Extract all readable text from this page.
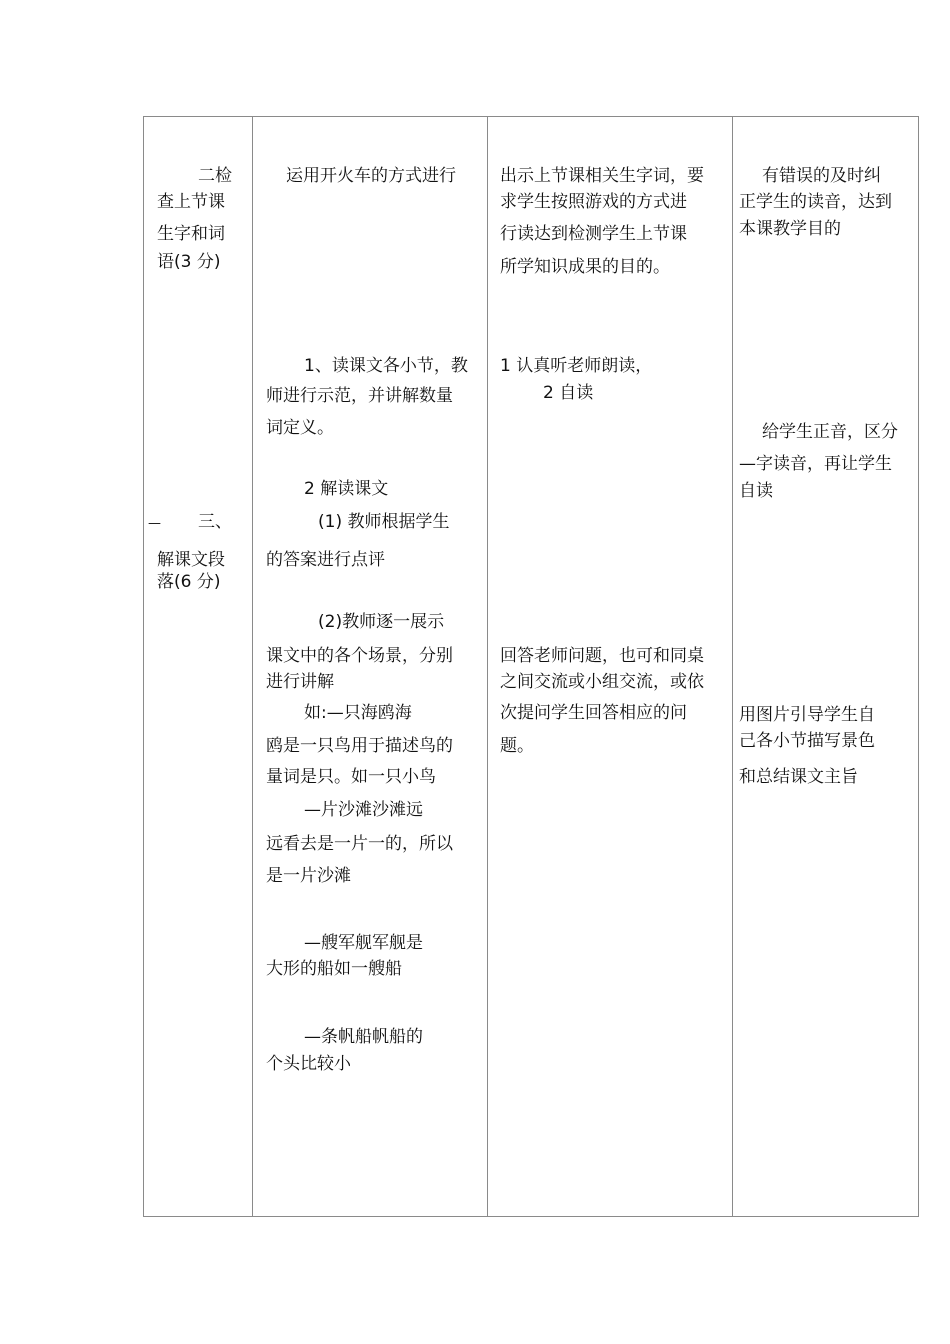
二检
查上节课
生字和词
语(3 分)
— 三、
解课文段
落(6 分)
运用开火车的方式进行
1、读课文各小节，教
师进行示范，并讲解数量
词定义。
2 解读课文
(1) 教师根据学生
的答案进行点评
(2)教师逐一展示
课文中的各个场景，分别
进行讲解
如:—只海鸥海
鸥是一只鸟用于描述鸟的
量词是只。如一只小鸟
—片沙滩沙滩远
远看去是一片一的，所以
是一片沙滩
—艘军舰军舰是
大形的船如一艘船
—条帆船帆船的
个头比较小
出示上节课相关生字词，要
求学生按照游戏的方式进
行读达到检测学生上节课
所学知识成果的目的。
1 认真听老师朗读，
2 自读
回答老师问题，也可和同桌
之间交流或小组交流，或依
次提问学生回答相应的问
题。
有错误的及时纠
正学生的读音，达到
本课教学目的
给学生正音，区分
—字读音，再让学生
自读
用图片引导学生自
己各小节描写景色
和总结课文主旨
